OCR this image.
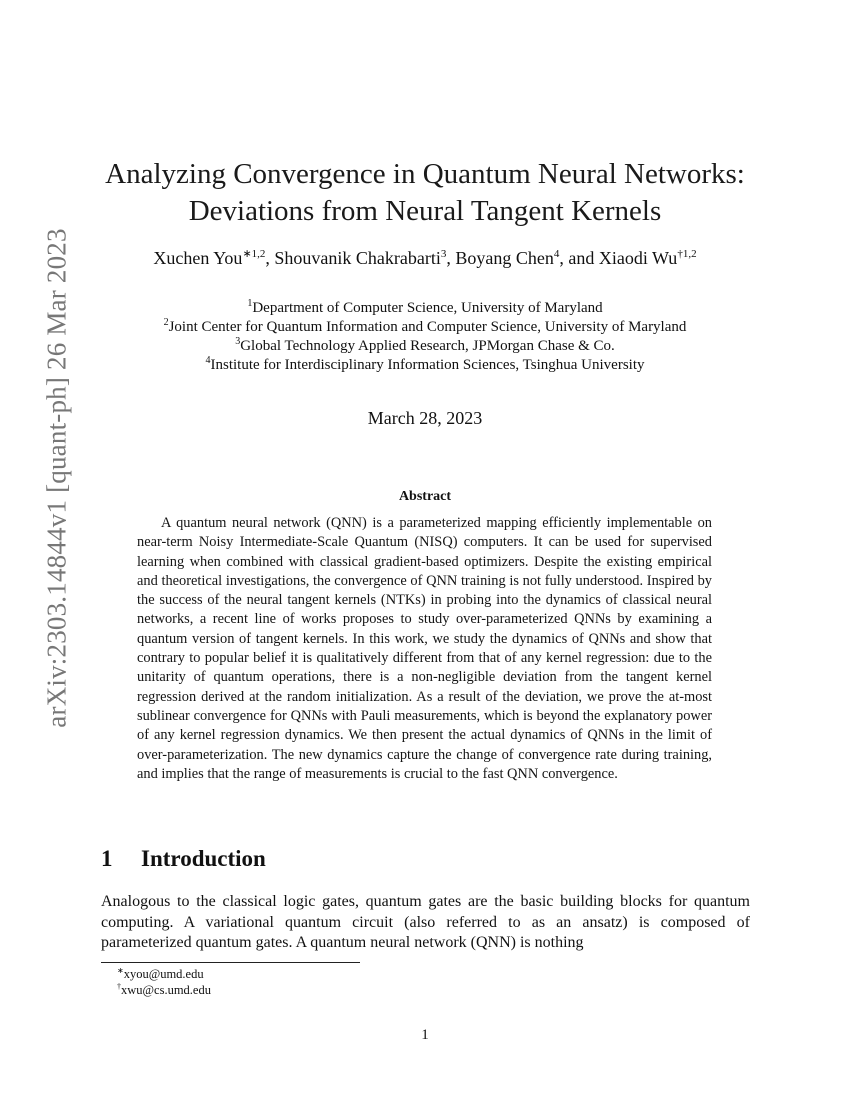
arXiv:2303.14844v1 [quant-ph] 26 Mar 2023
Analyzing Convergence in Quantum Neural Networks:
Deviations from Neural Tangent Kernels
Xuchen You$^{∗1,2}$, Shouvanik Chakrabarti$^3$, Boyang Chen$^4$, and Xiaodi Wu$^{\dagger 1,2}$
$^1$Department of Computer Science, University of Maryland
$^2$Joint Center for Quantum Information and Computer Science, University of Maryland
$^3$Global Technology Applied Research, JPMorgan Chase & Co.
$^4$Institute for Interdisciplinary Information Sciences, Tsinghua University
March 28, 2023
Abstract

A quantum neural network (QNN) is a parameterized mapping efficiently implementable on near-term Noisy Intermediate-Scale Quantum (NISQ) computers. It can be used for supervised learning when combined with classical gradient-based optimizers. Despite the existing empirical and theoretical investigations, the convergence of QNN training is not fully understood. Inspired by the success of the neural tangent kernels (NTKs) in probing into the dynamics of classical neural networks, a recent line of works proposes to study over-parameterized QNNs by examining a quantum version of tangent kernels. In this work, we study the dynamics of QNNs and show that contrary to popular belief it is qualitatively different from that of any kernel regression: due to the unitarity of quantum operations, there is a non-negligible deviation from the tangent kernel regression derived at the random initialization. As a result of the deviation, we prove the at-most sublinear convergence for QNNs with Pauli measurements, which is beyond the explanatory power of any kernel regression dynamics. We then present the actual dynamics of QNNs in the limit of over-parameterization. The new dynamics capture the change of convergence rate during training, and implies that the range of measurements is crucial to the fast QNN convergence.

1 Introduction

Analogous to the classical logic gates, quantum gates are the basic building blocks for quantum computing. A variational quantum circuit (also referred to as an ansatz) is composed of parameterized quantum gates. A quantum neural network (QNN) is nothing

∗xyou@umd.edu
†xwu@cs.umd.edu
1
